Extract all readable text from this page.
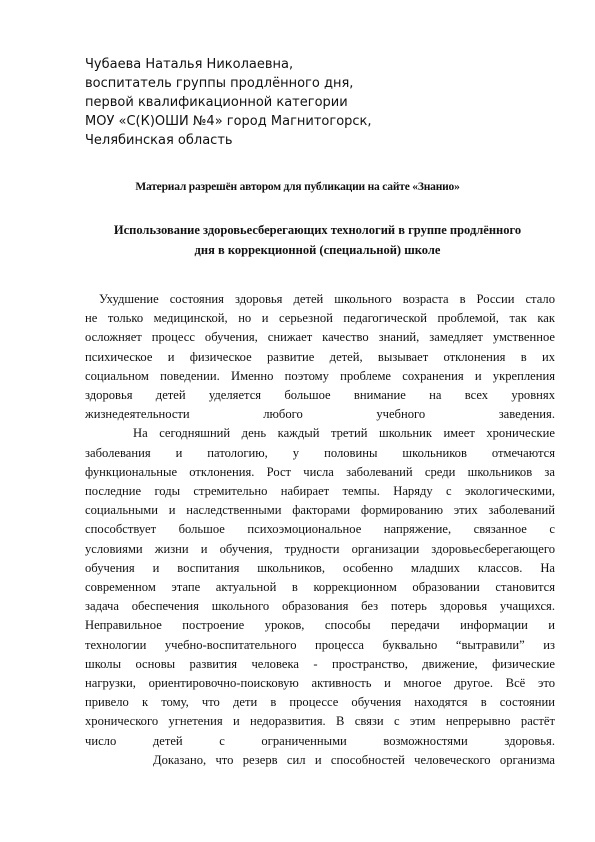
Чубаева Наталья Николаевна,
воспитатель группы продлённого дня,
первой квалификационной категории
МОУ «С(К)ОШИ №4» город Магнитогорск,
Челябинская область
Материал разрешён автором для публикации на сайте «Знанио»
Использование здоровьесберегающих технологий в группе продлённого
дня в коррекционной (специальной) школе
Ухудшение состояния здоровья детей школьного возраста в России стало
не только медицинской, но и серьезной педагогической проблемой, так как
осложняет процесс обучения, снижает качество знаний, замедляет умственное
психическое и физическое развитие детей, вызывает отклонения в их
социальном поведении. Именно поэтому проблеме сохранения и укрепления
здоровья детей уделяется большое внимание на всех уровнях
жизнедеятельности любого учебного заведения.
На сегодняшний день каждый третий школьник имеет хронические
заболевания и патологию, у половины школьников отмечаются
функциональные отклонения. Рост числа заболеваний среди школьников за
последние годы стремительно набирает темпы. Наряду с экологическими,
социальными и наследственными факторами формированию этих заболеваний
способствует большое психоэмоциональное напряжение, связанное с
условиями жизни и обучения, трудности организации здоровьесберегающего
обучения и воспитания школьников, особенно младших классов. На
современном этапе актуальной в коррекционном образовании становится
задача обеспечения школьного образования без потерь здоровья учащихся.
Неправильное построение уроков, способы передачи информации и
технологии учебно-воспитательного процесса буквально “вытравили” из
школы основы развития человека - пространство, движение, физические
нагрузки, ориентировочно-поисковую активность и многое другое. Всё это
привело к тому, что дети в процессе обучения находятся в состоянии
хронического угнетения и недоразвития. В связи с этим непрерывно растёт
число детей с ограниченными возможностями здоровья.
Доказано, что резерв сил и способностей человеческого организма
